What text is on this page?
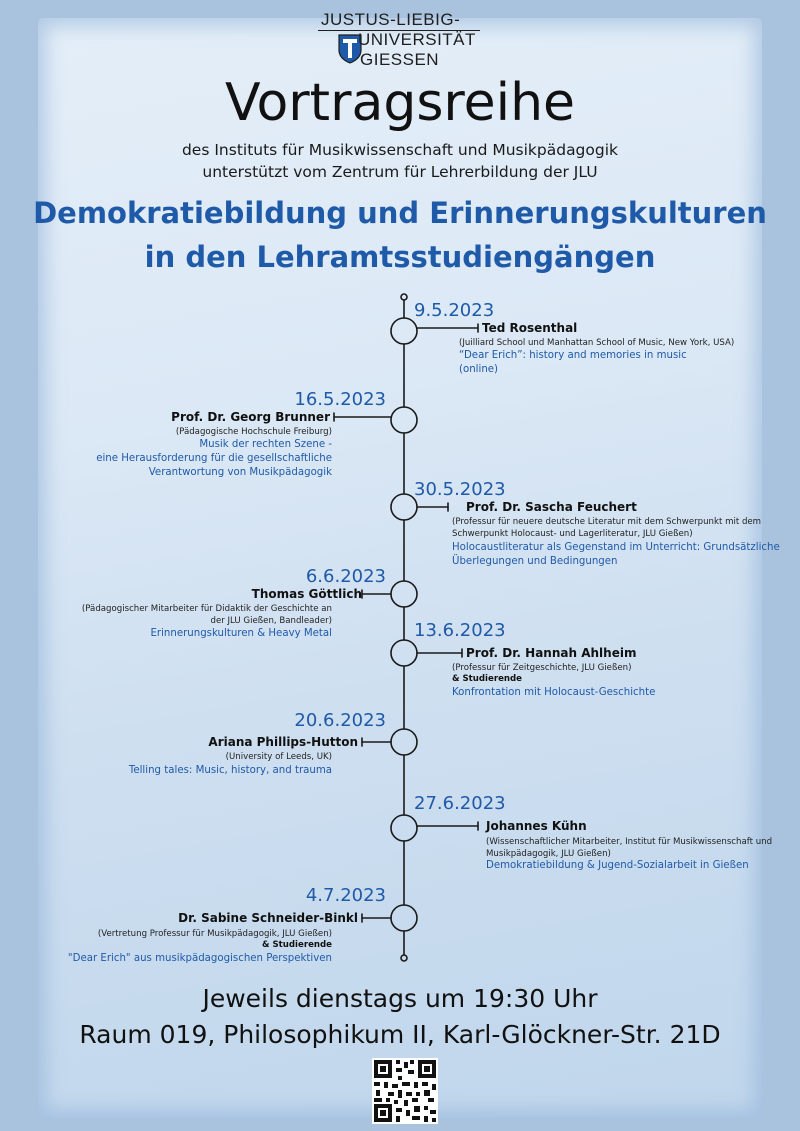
JUSTUS-LIEBIG-
UNIVERSITÄT
GIESSEN
Vortragsreihe
des Instituts für Musikwissenschaft und Musikpädagogik
unterstützt vom Zentrum für Lehrerbildung der JLU
Demokratiebildung und Erinnerungskulturen
in den Lehramtsstudiengängen
9.5.2023
Ted Rosenthal
(Juilliard School und Manhattan School of Music, New York, USA)
“Dear Erich”: history and memories in music
(online)
16.5.2023
Prof. Dr. Georg Brunner
(Pädagogische Hochschule Freiburg)
Musik der rechten Szene -
eine Herausforderung für die gesellschaftliche
Verantwortung von Musikpädagogik
30.5.2023
Prof. Dr. Sascha Feuchert
(Professur für neuere deutsche Literatur mit dem Schwerpunkt mit dem
Schwerpunkt Holocaust- und Lagerliteratur, JLU Gießen)
Holocaustliteratur als Gegenstand im Unterricht: Grundsätzliche
Überlegungen und Bedingungen
6.6.2023
Thomas Göttlich
(Pädagogischer Mitarbeiter für Didaktik der Geschichte an
der JLU Gießen, Bandleader)
Erinnerungskulturen & Heavy Metal	13.6.2023
Prof. Dr. Hannah Ahlheim
(Professur für Zeitgeschichte, JLU Gießen)
& Studierende
Konfrontation mit Holocaust-Geschichte
20.6.2023
Ariana Phillips-Hutton
(University of Leeds, UK)
Telling tales: Music, history, and trauma
27.6.2023
Johannes Kühn
(Wissenschaftlicher Mitarbeiter, Institut für Musikwissenschaft und
Musikpädagogik, JLU Gießen)
Demokratiebildung & Jugend-Sozialarbeit in Gießen
4.7.2023
Dr. Sabine Schneider-Binkl
(Vertretung Professur für Musikpädagogik, JLU Gießen)
& Studierende
"Dear Erich" aus musikpädagogischen Perspektiven
Jeweils dienstags um 19:30 Uhr
Raum 019, Philosophikum II, Karl-Glöckner-Str. 21D
